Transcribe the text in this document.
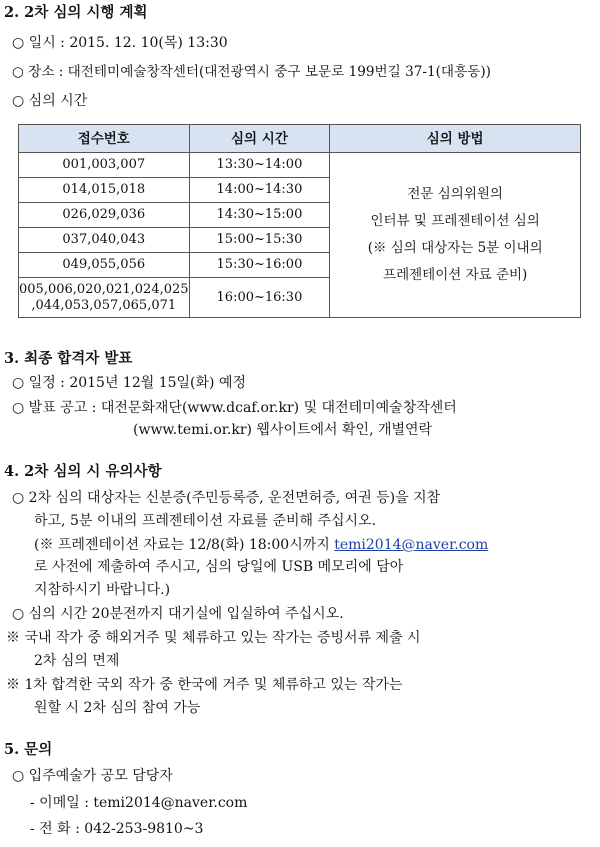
2. 2차 심의 시행 계획
○ 일시 : 2015. 12. 10(목) 13:30
○ 장소 : 대전테미예술창작센터(대전광역시 중구 보문로 199번길 37-1(대흥동))
○ 심의 시간
접수번호	심의 시간	심의 방법
001,003,007	13:30~14:00	전문 심의위원의
인터뷰 및 프레젠테이션 심의
(※ 심의 대상자는 5분 이내의
프레젠테이션 자료 준비)

014,015,018	14:00~14:30	
026,029,036	14:30~15:00	
037,040,043	15:00~15:30	
049,055,056	15:30~16:00	

005,006,020,021,024,025
,044,053,057,065,071	16:00~16:30	
3. 최종 합격자 발표
○ 일정 : 2015년 12월 15일(화) 예정
○ 발표 공고 : 대전문화재단(www.dcaf.or.kr) 및 대전테미예술창작센터
(www.temi.or.kr) 웹사이트에서 확인, 개별연락
4. 2차 심의 시 유의사항
○ 2차 심의 대상자는 신분증(주민등록증, 운전면허증, 여권 등)을 지참
하고, 5분 이내의 프레젠테이션 자료를 준비해 주십시오.
(※ 프레젠테이션 자료는 12/8(화) 18:00시까지 temi2014@naver.com
로 사전에 제출하여 주시고, 심의 당일에 USB 메모리에 담아
지참하시기 바랍니다.)
○ 심의 시간 20분전까지 대기실에 입실하여 주십시오.
※ 국내 작가 중 해외거주 및 체류하고 있는 작가는 증빙서류 제출 시
2차 심의 면제
※ 1차 합격한 국외 작가 중 한국에 거주 및 체류하고 있는 작가는
원할 시 2차 심의 참여 가능
5. 문의
○ 입주예술가 공모 담당자
- 이메일 : temi2014@naver.com
- 전 화 : 042-253-9810~3
